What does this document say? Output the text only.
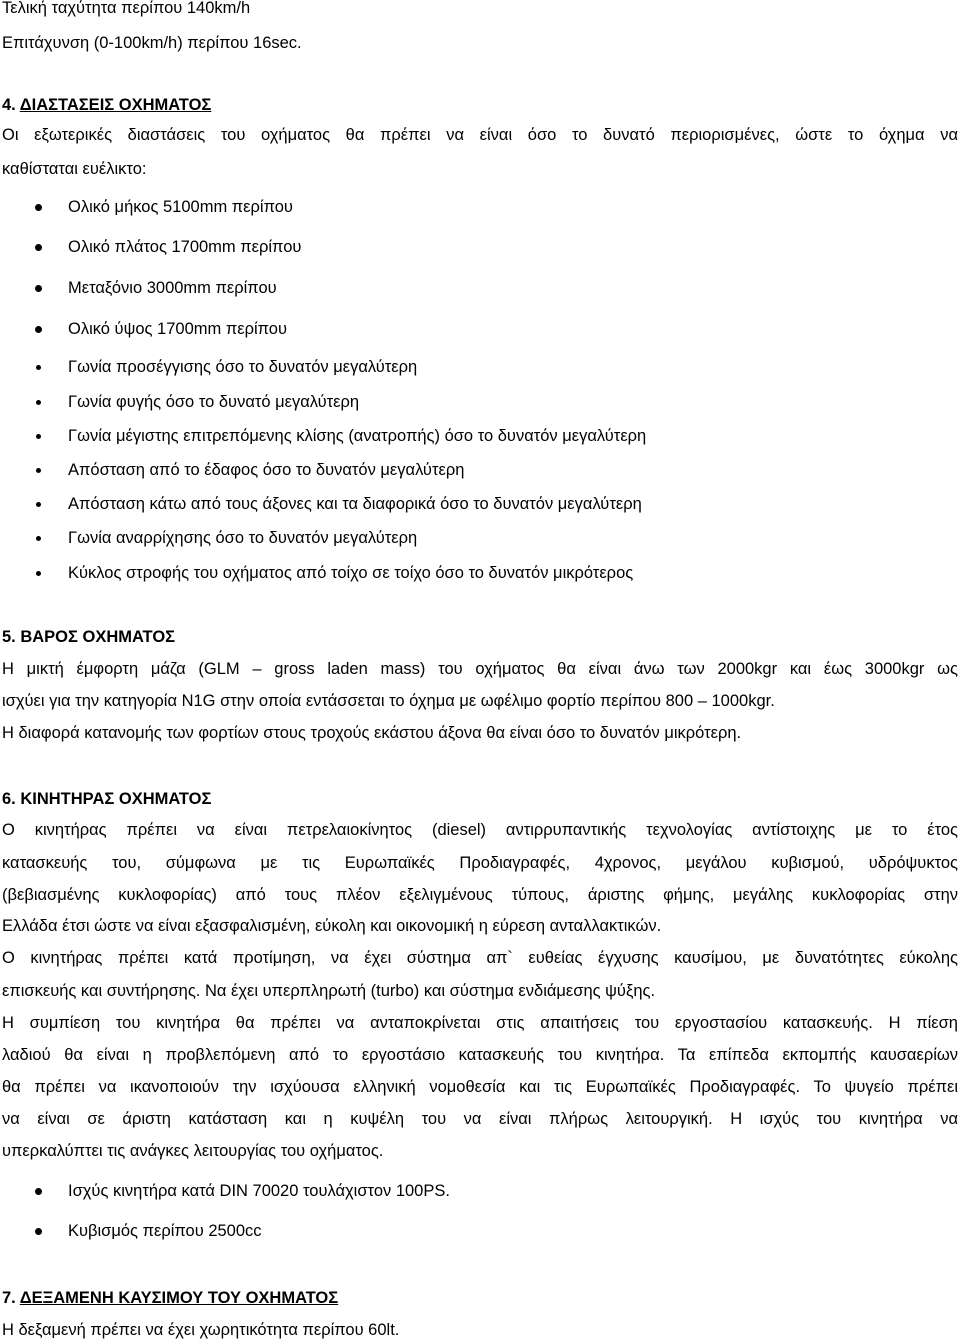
Τελική ταχύτητα περίπου 140km/h
Επιτάχυνση (0-100km/h) περίπου 16sec.
4. ΔΙΑΣΤΑΣΕΙΣ ΟΧΗΜΑΤΟΣ
Οι εξωτερικές διαστάσεις του οχήματος θα πρέπει να είναι όσο το δυνατό περιορισμένες, ώστε το όχημα να
καθίσταται ευέλικτο:
Ολικό μήκος 5100mm περίπου
Ολικό πλάτος 1700mm περίπου
Μεταξόνιο 3000mm περίπου
Ολικό ύψος 1700mm περίπου
Γωνία προσέγγισης όσο το δυνατόν μεγαλύτερη
Γωνία φυγής όσο το δυνατό μεγαλύτερη
Γωνία μέγιστης επιτρεπόμενης κλίσης (ανατροπής) όσο το δυνατόν μεγαλύτερη
Απόσταση από το έδαφος όσο το δυνατόν μεγαλύτερη
Απόσταση κάτω από τους άξονες και τα διαφορικά όσο το δυνατόν μεγαλύτερη
Γωνία αναρρίχησης όσο το δυνατόν μεγαλύτερη
Κύκλος στροφής του οχήματος από τοίχο σε τοίχο όσο το δυνατόν μικρότερος
5. ΒΑΡΟΣ ΟΧΗΜΑΤΟΣ
Η μικτή έμφορτη μάζα (GLM – gross laden mass) του οχήματος θα είναι άνω των 2000kgr και έως 3000kgr ως
ισχύει για την κατηγορία N1G στην οποία εντάσσεται το όχημα με ωφέλιμο φορτίο περίπου 800 – 1000kgr.
Η διαφορά κατανομής των φορτίων στους τροχούς εκάστου άξονα θα είναι όσο το δυνατόν μικρότερη.
6. ΚΙΝΗΤΗΡΑΣ ΟΧΗΜΑΤΟΣ
Ο κινητήρας πρέπει να είναι πετρελαιοκίνητος (diesel) αντιρρυπαντικής τεχνολογίας αντίστοιχης με το έτος
κατασκευής του, σύμφωνα με τις Ευρωπαϊκές Προδιαγραφές, 4χρονος, μεγάλου κυβισμού, υδρόψυκτος
(βεβιασμένης κυκλοφορίας) από τους πλέον εξελιγμένους τύπους, άριστης φήμης, μεγάλης κυκλοφορίας στην
Ελλάδα έτσι ώστε να είναι εξασφαλισμένη, εύκολη και οικονομική η εύρεση ανταλλακτικών.
Ο κινητήρας πρέπει κατά προτίμηση, να έχει σύστημα απ` ευθείας έγχυσης καυσίμου, με δυνατότητες εύκολης
επισκευής και συντήρησης. Να έχει υπερπληρωτή (turbo) και σύστημα ενδιάμεσης ψύξης.
Η συμπίεση του κινητήρα θα πρέπει να ανταποκρίνεται στις απαιτήσεις του εργοστασίου κατασκευής. Η πίεση
λαδιού θα είναι η προβλεπόμενη από το εργοστάσιο κατασκευής του κινητήρα. Τα επίπεδα εκπομπής καυσαερίων
θα πρέπει να ικανοποιούν την ισχύουσα ελληνική νομοθεσία και τις Ευρωπαϊκές Προδιαγραφές. Το ψυγείο πρέπει
να είναι σε άριστη κατάσταση και η κυψέλη του να είναι πλήρως λειτουργική. Η ισχύς του κινητήρα να
υπερκαλύπτει τις ανάγκες λειτουργίας του οχήματος.
Ισχύς κινητήρα κατά DIN 70020 τουλάχιστον 100PS.
Κυβισμός περίπου 2500cc
7. ΔΕΞΑΜΕΝΗ ΚΑΥΣΙΜΟΥ ΤΟΥ ΟΧΗΜΑΤΟΣ
Η δεξαμενή πρέπει να έχει χωρητικότητα περίπου 60lt.
